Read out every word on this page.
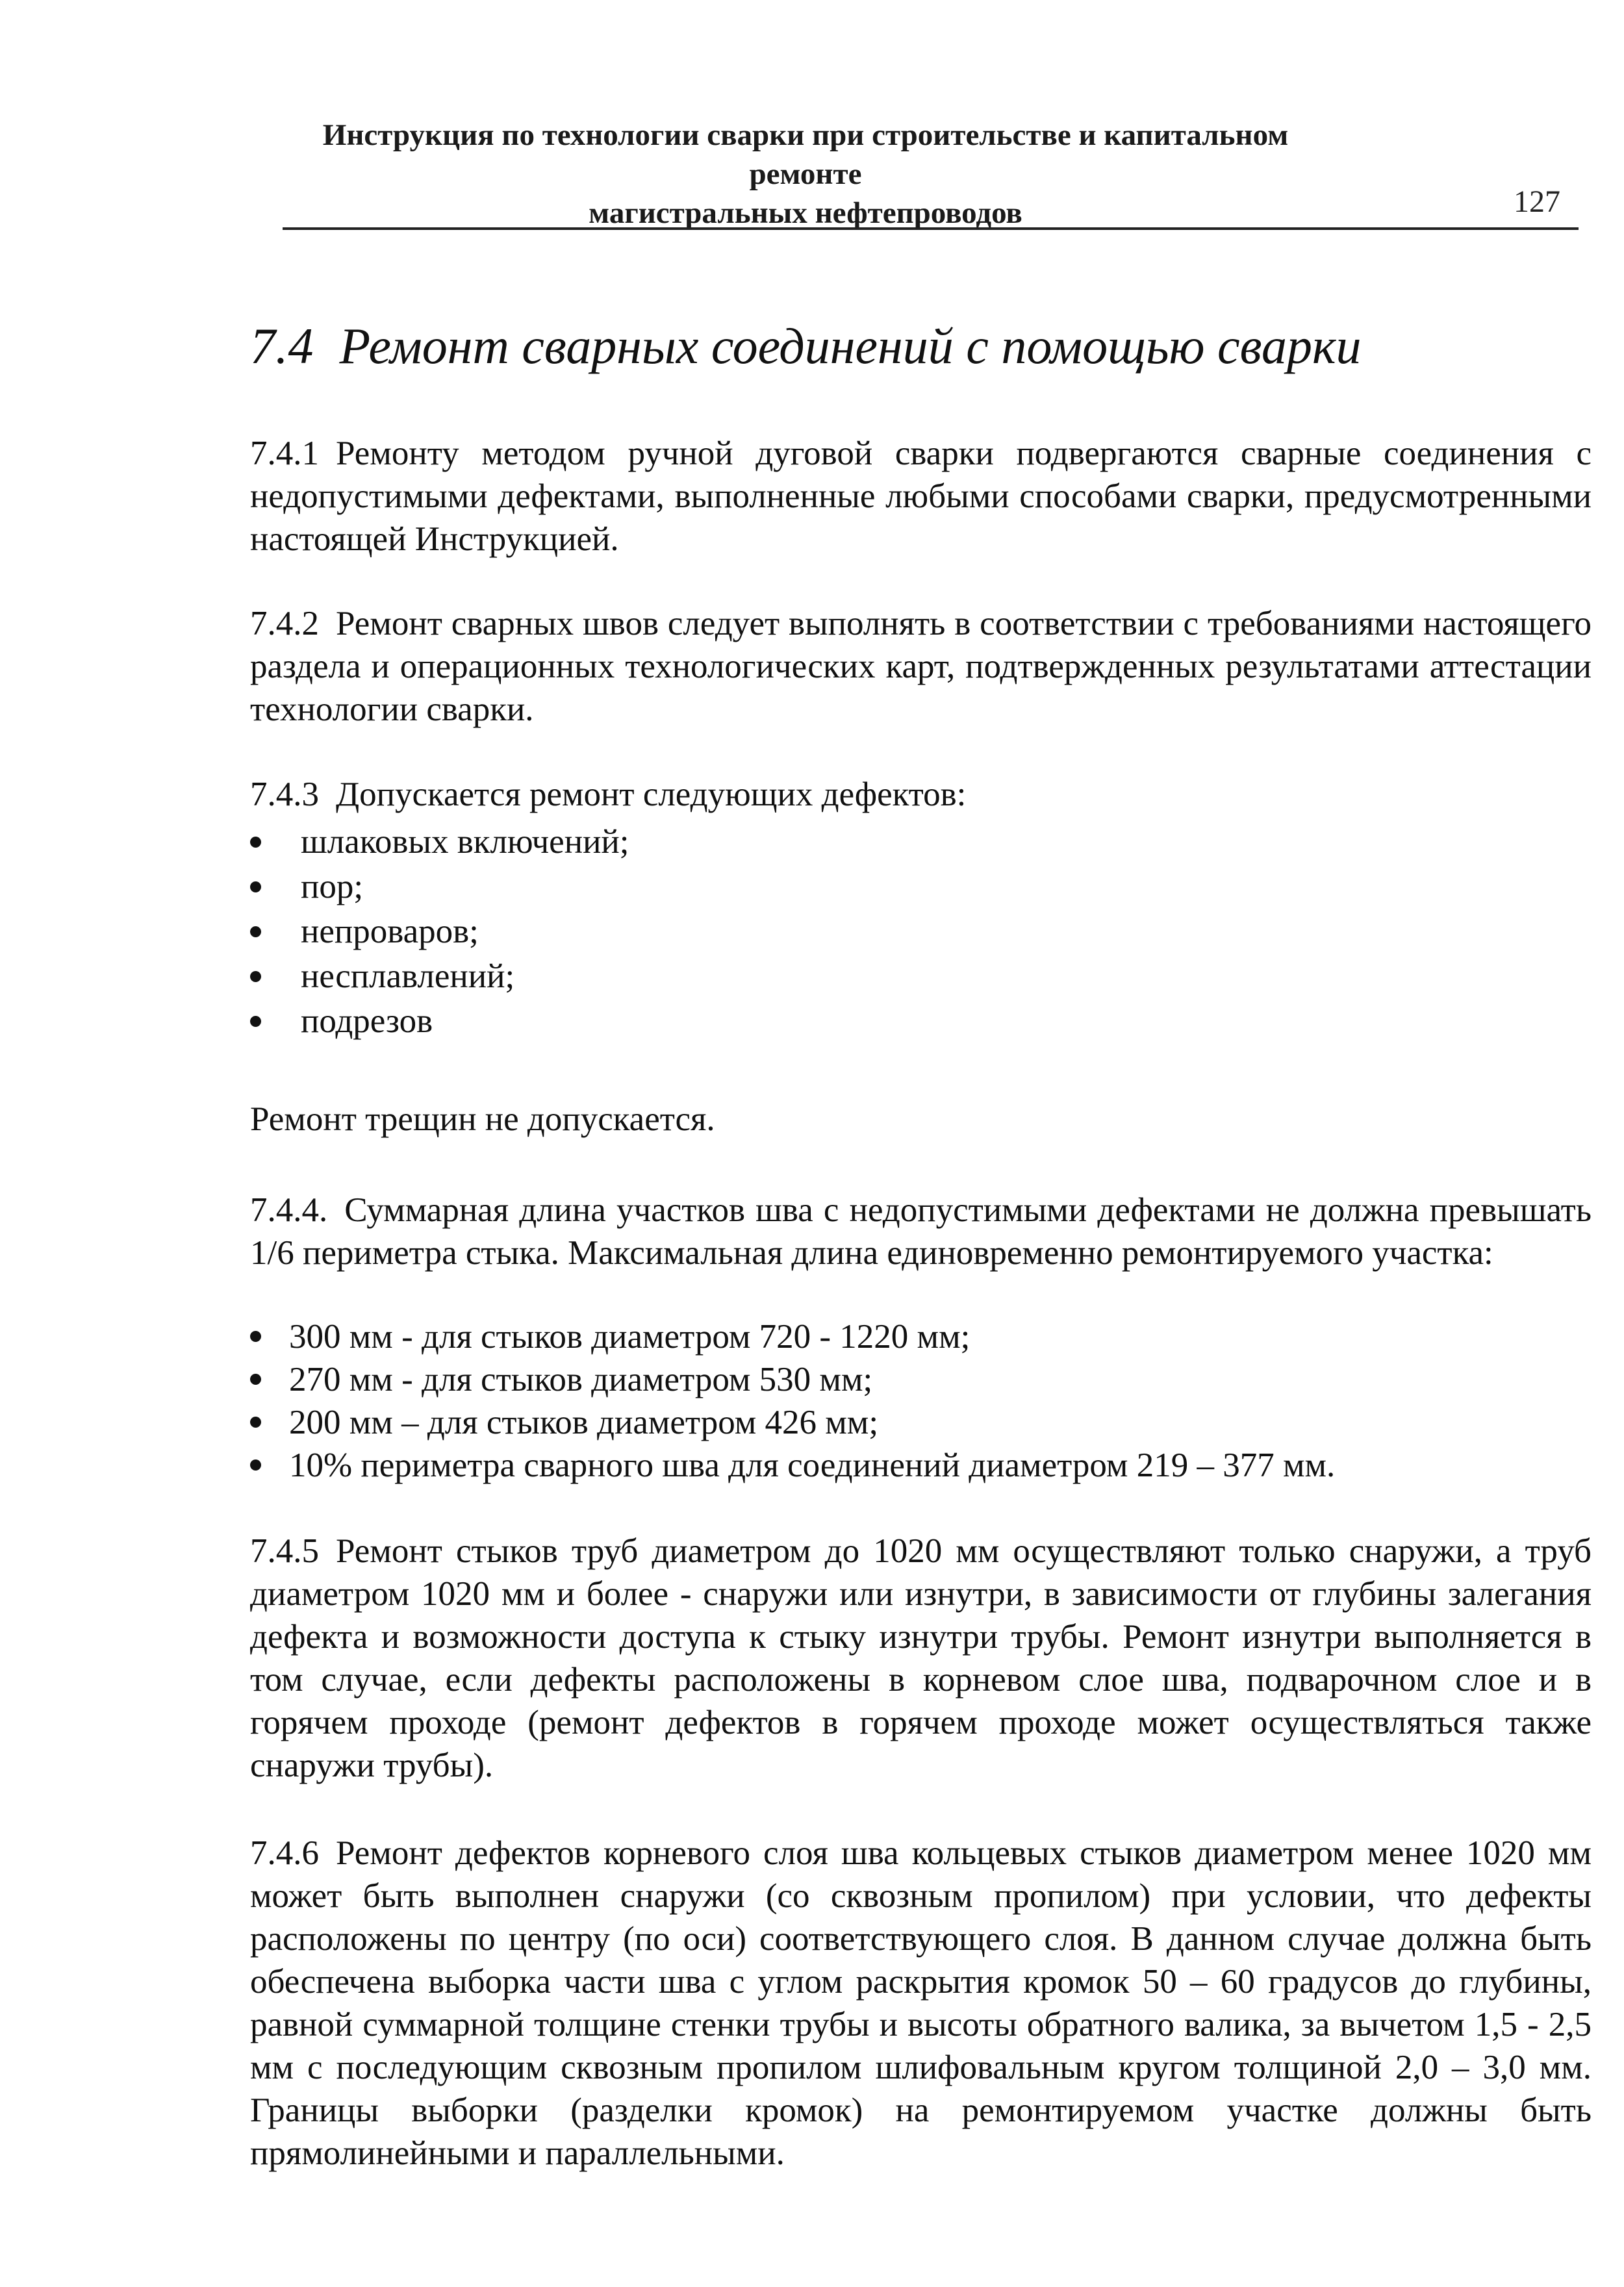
Инструкция по технологии сварки при строительстве и капитальном ремонте
магистральных нефтепроводов	127
7.4 Ремонт сварных соединений с помощью сварки

7.4.1 Ремонту методом ручной дуговой сварки подвергаются сварные соединения с недопустимыми дефектами, выполненные любыми способами сварки, предусмотренными настоящей Инструкцией.

7.4.2 Ремонт сварных швов следует выполнять в соответствии с требованиями настоящего раздела и операционных технологических карт, подтвержденных результатами аттестации технологии сварки.

7.4.3 Допускается ремонт следующих дефектов:

шлаковых включений;
пор;
непроваров;
несплавлений;
подрезов

Ремонт трещин не допускается.

7.4.4. Суммарная длина участков шва с недопустимыми дефектами не должна превышать 1/6 периметра стыка. Максимальная длина единовременно ремонтируемого участка:

300 мм - для стыков диаметром 720 - 1220 мм;
270 мм - для стыков диаметром 530 мм;
200 мм – для стыков диаметром 426 мм;
10% периметра сварного шва для соединений диаметром 219 – 377 мм.

7.4.5 Ремонт стыков труб диаметром до 1020 мм осуществляют только снаружи, а труб диаметром 1020 мм и более - снаружи или изнутри, в зависимости от глубины залегания дефекта и возможности доступа к стыку изнутри трубы. Ремонт изнутри выполняется в том случае, если дефекты расположены в корневом слое шва, подварочном слое и в горячем проходе (ремонт дефектов в горячем проходе может осуществляться также снаружи трубы).

7.4.6 Ремонт дефектов корневого слоя шва кольцевых стыков диаметром менее 1020 мм может быть выполнен снаружи (со сквозным пропилом) при условии, что дефекты расположены по центру (по оси) соответствующего слоя. В данном случае должна быть обеспечена выборка части шва с углом раскрытия кромок 50 – 60 градусов до глубины, равной суммарной толщине стенки трубы и высоты обратного валика, за вычетом 1,5 - 2,5 мм с последующим сквозным пропилом шлифовальным кругом толщиной 2,0 – 3,0 мм. Границы выборки (разделки кромок) на ремонтируемом участке должны быть прямолинейными и параллельными.
